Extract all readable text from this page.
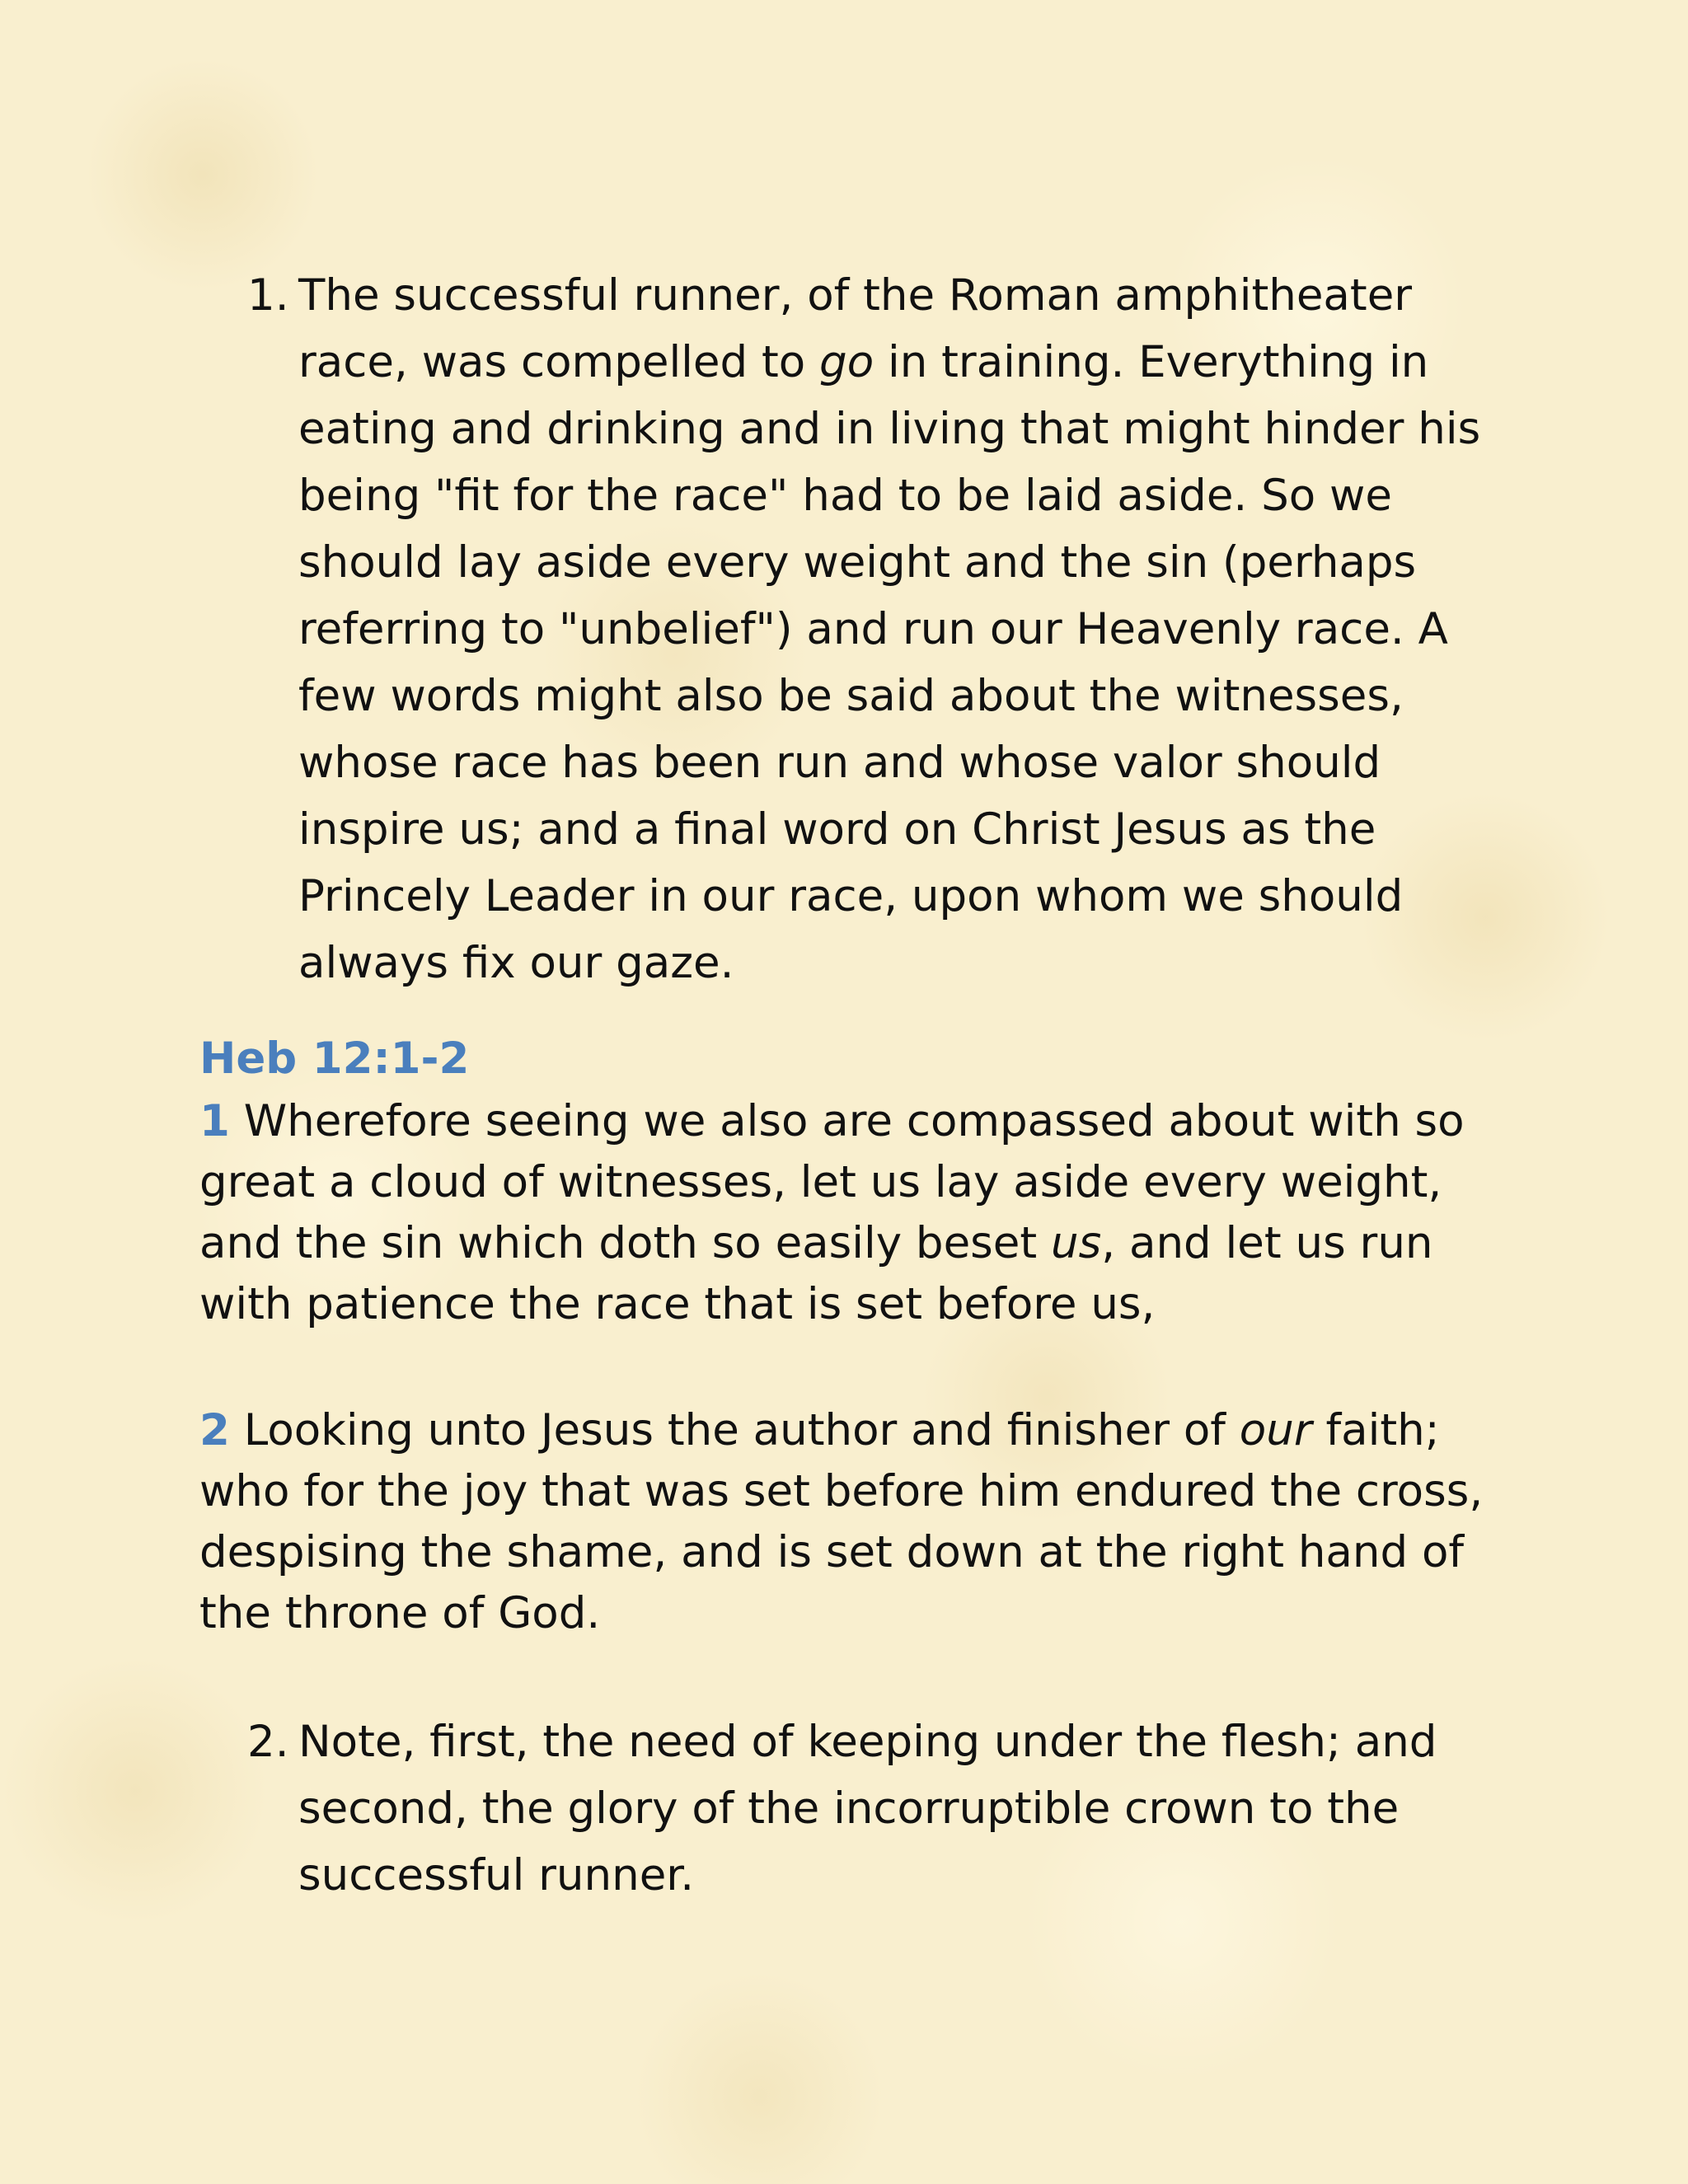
1. The successful runner, of the Roman amphitheater race, was compelled to go in training. Everything in eating and drinking and in living that might hinder his being "fit for the race" had to be laid aside. So we should lay aside every weight and the sin (perhaps referring to "unbelief") and run our Heavenly race. A few words might also be said about the witnesses, whose race has been run and whose valor should inspire us; and a final word on Christ Jesus as the Princely Leader in our race, upon whom we should always fix our gaze.
Heb 12:1-2
1 Wherefore seeing we also are compassed about with so great a cloud of witnesses, let us lay aside every weight, and the sin which doth so easily beset us, and let us run with patience the race that is set before us,
2 Looking unto Jesus the author and finisher of our faith; who for the joy that was set before him endured the cross, despising the shame, and is set down at the right hand of the throne of God.
2. Note, first, the need of keeping under the flesh; and second, the glory of the incorruptible crown to the successful runner.
